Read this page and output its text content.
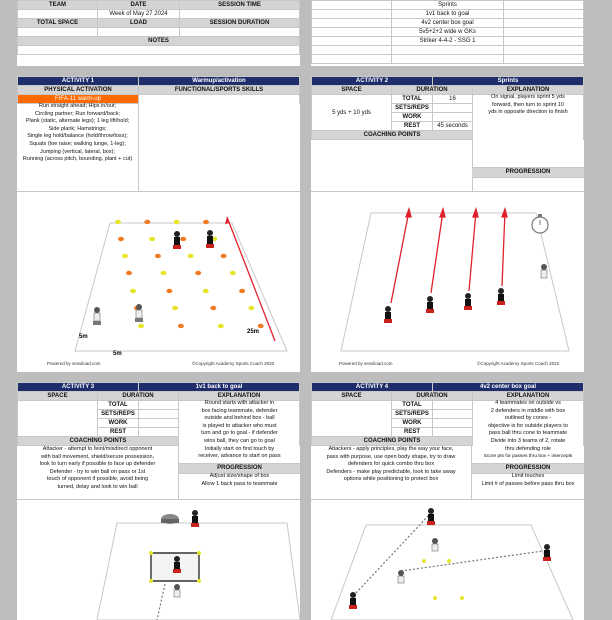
TEAM	DATE	SESSION TIME
	Week of May 27 2024	
TOTAL SPACE	LOAD	SESSION DURATION

NOTES		

	Sprints	
	1v1 back to goal	
	4v2 center box goal	
	5v5+2+2 wide w GKs	
	Striker 4-4-2 - SSG 1	

ACTIVITY 1	Warmup/activation
PHYSICAL ACTIVATION	FUNCTIONAL/SPORTS SKILLS
FIFA-11 warm-up	
Run straight ahead; Hips in/out;
Circling partner; Run forward/back;
Plank (static, alternate legs); 1 leg lift/hold;
Side plank; Hamstrings;
Single leg hold/balance (hold/throw/toss);
Squats (toe raise; walking lunge, 1-leg);
Jumping (vertical, lateral, box);
Running (across pitch, bounding, plant + cut)
25m
5m
5m
Powered by sessiload.com	©Copyright Academy Sports Coach 2020
ACTIVITY 2		Sprints	
SPACE	DURATION		EXPLANATION
5 yds + 10 yds	TOTAL	16	
	SETS/REPS		
	WORK		
	REST	45 seconds	
COACHING POINTS			
On signal, players sprint 5 yds
forward, then turn to sprint 10
yds in opposite direction to finish
PROGRESSION
Powered by sessiload.com	©Copyright Academy Sports Coach 2022
ACTIVITY 3		1v1 back to goal	
SPACE	DURATION		EXPLANATION
	TOTAL		
	SETS/REPS		
	WORK		
	REST		
COACHING POINTS			
Round starts with attacker in
box facing teammate, defender
outside and behind box - ball
is played to attacker who must
turn and go to goal - if defender
wins ball, they can go to goal
Initially start on first touch by
receiver, advance to start on pass
PROGRESSION
Adjust size/shape of box
Allow 1 back pass to teammate
Attacker - attempt to feint/misdirect opponent
with ball movement, shield/secure possession,
look to turn early if possible to face up defender
Defender - try to win ball on pass or 1st
touch of opponent if possible, avoid being
turned, delay and look to win ball
ACTIVITY 4		4v2 center box goal	
SPACE	DURATION		EXPLANATION
	TOTAL		
	SETS/REPS		
	WORK		
	REST		
COACHING POINTS			
4 teammates on outside vs
2 defenders in middle with box
outlined by cones -
objective is for outside players to
pass ball thru cone to teammate
Divide into 3 teams of 2, rotate
thru defending role
Score pts for passes thru box + intercepts
PROGRESSION
Limit touches
Limit # of passes before pass thru box
Attackers - apply principles, play the way your face,
pass with purpose, use open body shape, try to draw
defenders for quick combo thru box
Defenders - make play predictable, look to take away
options while positioning to protect box
